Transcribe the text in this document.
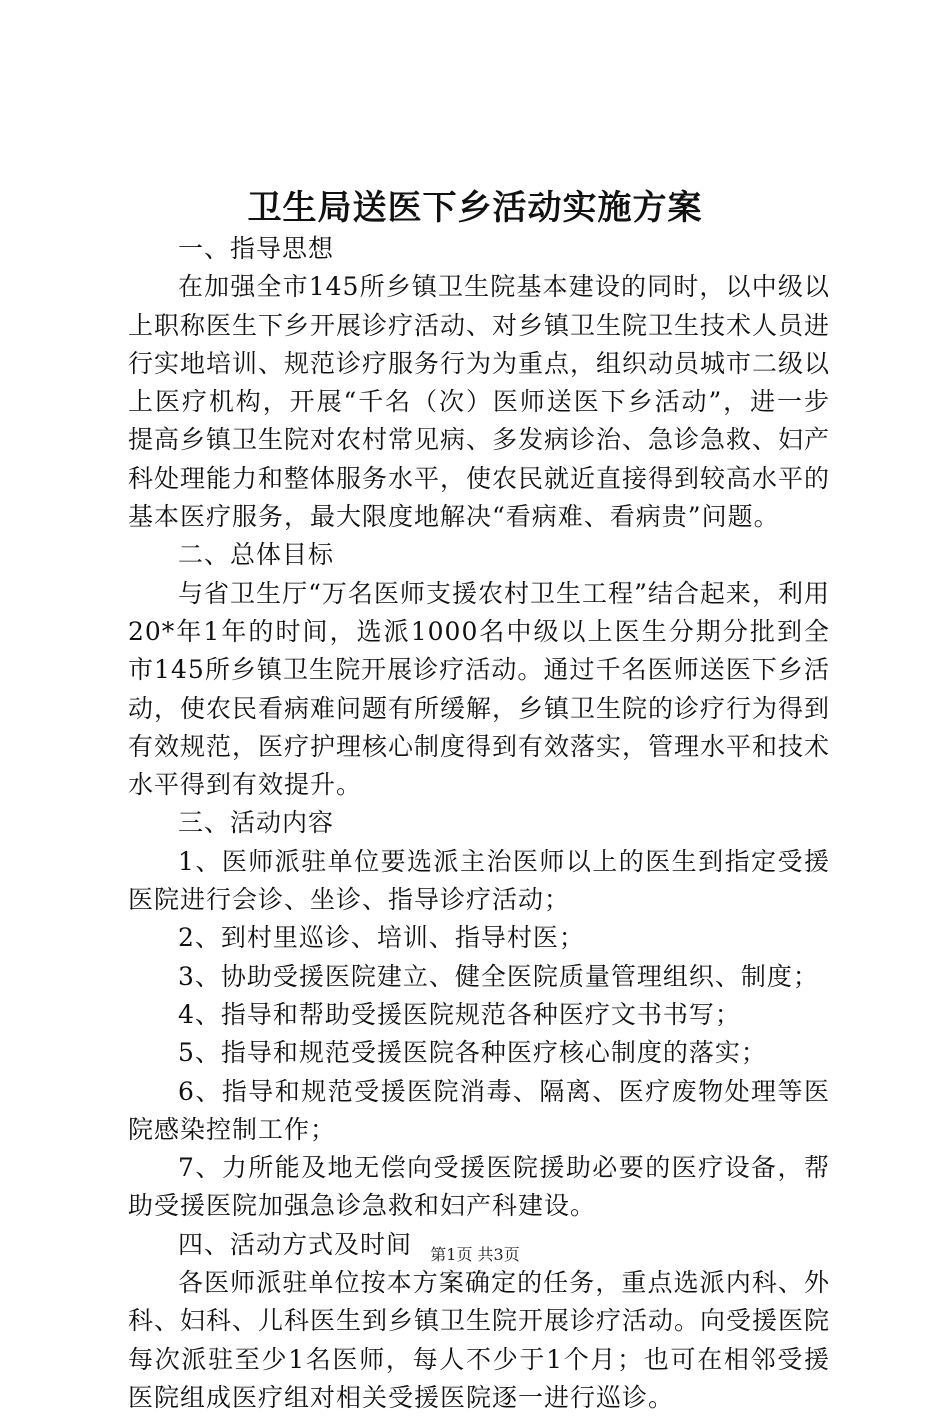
卫生局送医下乡活动实施方案

一、指导思想

在加强全市145所乡镇卫生院基本建设的同时，以中级以上职称医生下乡开展诊疗活动、对乡镇卫生院卫生技术人员进行实地培训、规范诊疗服务行为为重点，组织动员城市二级以上医疗机构，开展“千名（次）医师送医下乡活动”，进一步提高乡镇卫生院对农村常见病、多发病诊治、急诊急救、妇产科处理能力和整体服务水平，使农民就近直接得到较高水平的基本医疗服务，最大限度地解决“看病难、看病贵”问题。

二、总体目标

与省卫生厅“万名医师支援农村卫生工程”结合起来，利用20*年1年的时间，选派1000名中级以上医生分期分批到全市145所乡镇卫生院开展诊疗活动。通过千名医师送医下乡活动，使农民看病难问题有所缓解，乡镇卫生院的诊疗行为得到有效规范，医疗护理核心制度得到有效落实，管理水平和技术水平得到有效提升。

三、活动内容

1、医师派驻单位要选派主治医师以上的医生到指定受援医院进行会诊、坐诊、指导诊疗活动；

2、到村里巡诊、培训、指导村医；

3、协助受援医院建立、健全医院质量管理组织、制度；

4、指导和帮助受援医院规范各种医疗文书书写；

5、指导和规范受援医院各种医疗核心制度的落实；

6、指导和规范受援医院消毒、隔离、医疗废物处理等医院感染控制工作；

7、力所能及地无偿向受援医院援助必要的医疗设备，帮助受援医院加强急诊急救和妇产科建设。

四、活动方式及时间

各医师派驻单位按本方案确定的任务，重点选派内科、外科、妇科、儿科医生到乡镇卫生院开展诊疗活动。向受援医院每次派驻至少1名医师，每人不少于1个月；也可在相邻受援医院组成医疗组对相关受援医院逐一进行巡诊。

第1页 共3页
